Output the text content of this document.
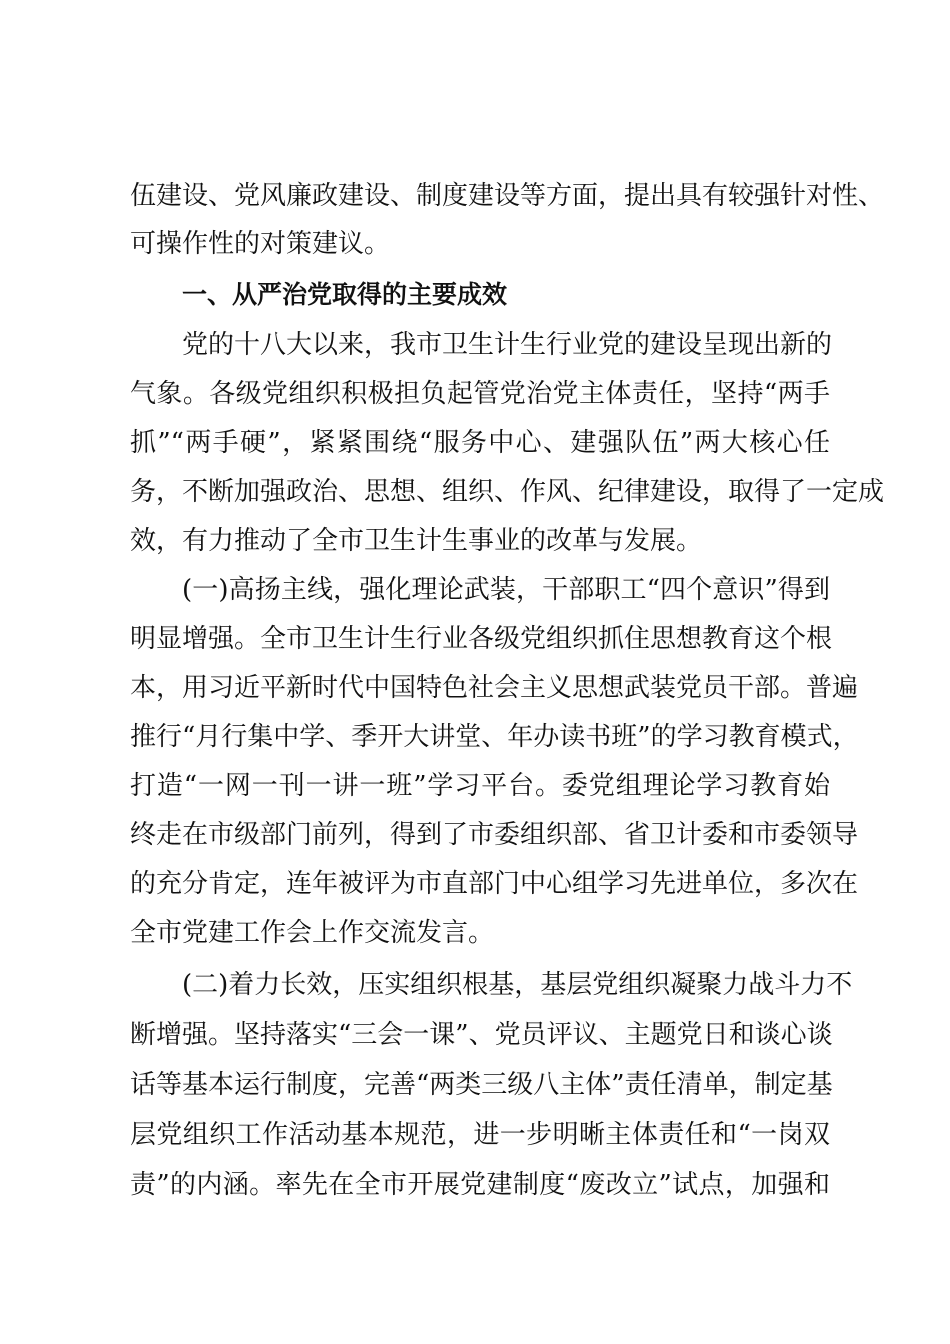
伍建设、党风廉政建设、制度建设等方面，提出具有较强针对性、
可操作性的对策建议。
一、从严治党取得的主要成效
党的十八大以来，我市卫生计生行业党的建设呈现出新的
气象。各级党组织积极担负起管党治党主体责任，坚持“两手
抓”“两手硬”，紧紧围绕“服务中心、建强队伍”两大核心任
务，不断加强政治、思想、组织、作风、纪律建设，取得了一定成
效，有力推动了全市卫生计生事业的改革与发展。
(一)高扬主线，强化理论武装，干部职工“四个意识”得到
明显增强。全市卫生计生行业各级党组织抓住思想教育这个根
本，用习近平新时代中国特色社会主义思想武装党员干部。普遍
推行“月行集中学、季开大讲堂、年办读书班”的学习教育模式，
打造“一网一刊一讲一班”学习平台。委党组理论学习教育始
终走在市级部门前列，得到了市委组织部、省卫计委和市委领导
的充分肯定，连年被评为市直部门中心组学习先进单位，多次在
全市党建工作会上作交流发言。
(二)着力长效，压实组织根基，基层党组织凝聚力战斗力不
断增强。坚持落实“三会一课”、党员评议、主题党日和谈心谈
话等基本运行制度，完善“两类三级八主体”责任清单，制定基
层党组织工作活动基本规范，进一步明晰主体责任和“一岗双
责”的内涵。率先在全市开展党建制度“废改立”试点，加强和
